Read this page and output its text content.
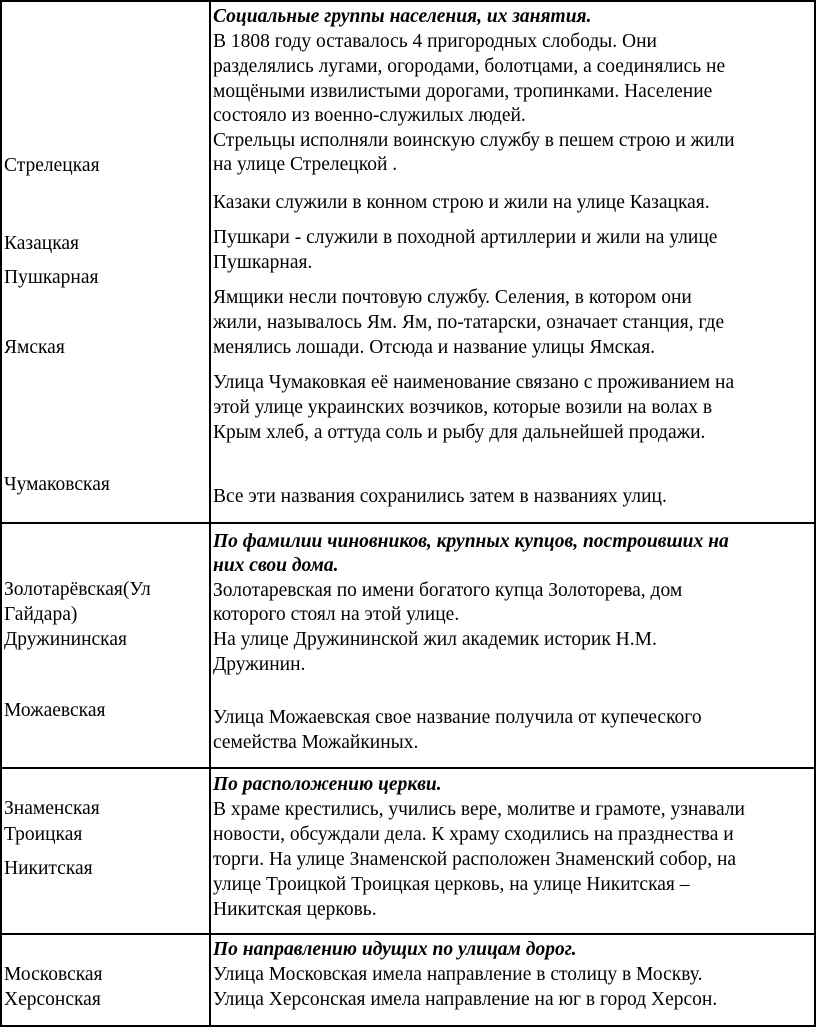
Стрелецкая
Казацкая
Пушкарная
Ямская
Чумаковская
Социальные группы населения, их занятия.
В 1808 году оставалось 4 пригородных слободы. Они
разделялись лугами, огородами, болотцами, а соединялись не
мощёными извилистыми дорогами, тропинками. Население
состояло из военно-служилых людей.
Стрельцы исполняли воинскую службу в пешем строю и жили
на улице Стрелецкой .
Казаки служили в конном строю и жили на улице Казацкая.
Пушкари - служили в походной артиллерии и жили на улице
Пушкарная.
Ямщики несли почтовую службу. Селения, в котором они
жили, называлось Ям. Ям, по-татарски, означает станция, где
менялись лошади. Отсюда и название улицы Ямская.
Улица Чумаковкая её наименование связано с проживанием на
этой улице украинских возчиков, которые возили на волах в
Крым хлеб, а оттуда соль и рыбу для дальнейшей продажи.
Все эти названия сохранились затем в названиях улиц.
Золотарёвская(Ул
Гайдара)
Дружининская
Можаевская
По фамилии чиновников, крупных купцов, построивших на
них свои дома.
Золотаревская по имени богатого купца Золоторева, дом
которого стоял на этой улице.
На улице Дружининской жил академик историк Н.М.
Дружинин.
Улица Можаевская свое название получила от купеческого
семейства Можайкиных.
Знаменская
Троицкая
Никитская
По расположению церкви.
В храме крестились, учились вере, молитве и грамоте, узнавали
новости, обсуждали дела. К храму сходились на празднества и
торги. На улице Знаменской расположен Знаменский собор, на
улице Троицкой Троицкая церковь, на улице Никитская –
Никитская церковь.
Московская
Херсонская
По направлению идущих по улицам дорог.
Улица Московская имела направление в столицу в Москву.
Улица Херсонская имела направление на юг в город Херсон.
